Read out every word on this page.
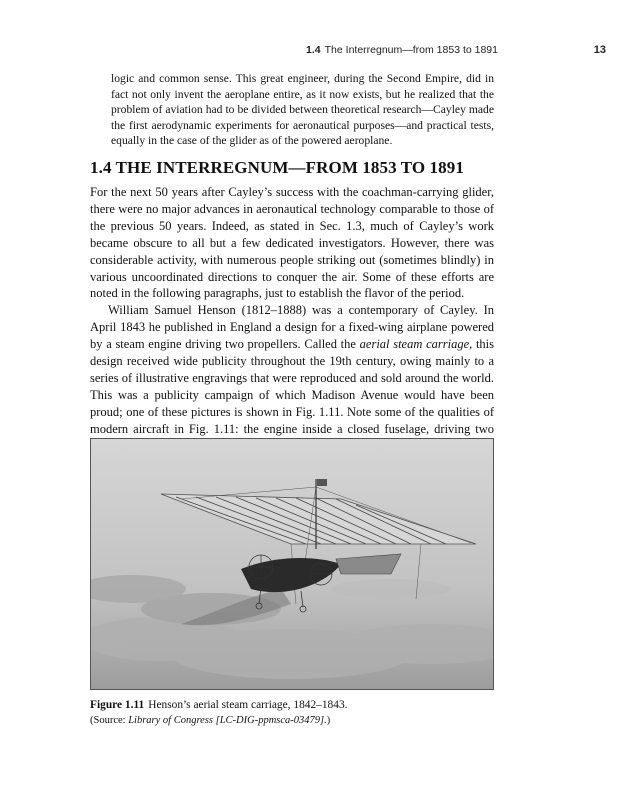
1.4 The Interregnum—from 1853 to 1891	13

logic and common sense. This great engineer, during the Second Empire, did in fact not only invent the aeroplane entire, as it now exists, but he realized that the problem of aviation had to be divided between theoretical research—Cayley made the first aerodynamic experiments for aeronautical purposes—and practical tests, equally in the case of the glider as of the powered aeroplane.

1.4 THE INTERREGNUM—FROM 1853 TO 1891

For the next 50 years after Cayley’s success with the coachman-carrying glider, there were no major advances in aeronautical technology comparable to those of the previous 50 years. Indeed, as stated in Sec. 1.3, much of Cayley’s work became obscure to all but a few dedicated investigators. However, there was considerable activity, with numerous people striking out (sometimes blindly) in various uncoordinated directions to conquer the air. Some of these efforts are noted in the following paragraphs, just to establish the flavor of the period.

William Samuel Henson (1812–1888) was a contemporary of Cayley. In April 1843 he published in England a design for a fixed-wing airplane powered by a steam engine driving two propellers. Called the aerial steam carriage, this design received wide publicity throughout the 19th century, owing mainly to a series of illustrative engravings that were reproduced and sold around the world. This was a publicity campaign of which Madison Avenue would have been proud; one of these pictures is shown in Fig. 1.11. Note some of the qualities of modern aircraft in Fig. 1.11: the engine inside a closed fuselage, driving two

Figure 1.11 Henson’s aerial steam carriage, 1842–1843.
(Source: Library of Congress [LC-DIG-ppmsca-03479].)
